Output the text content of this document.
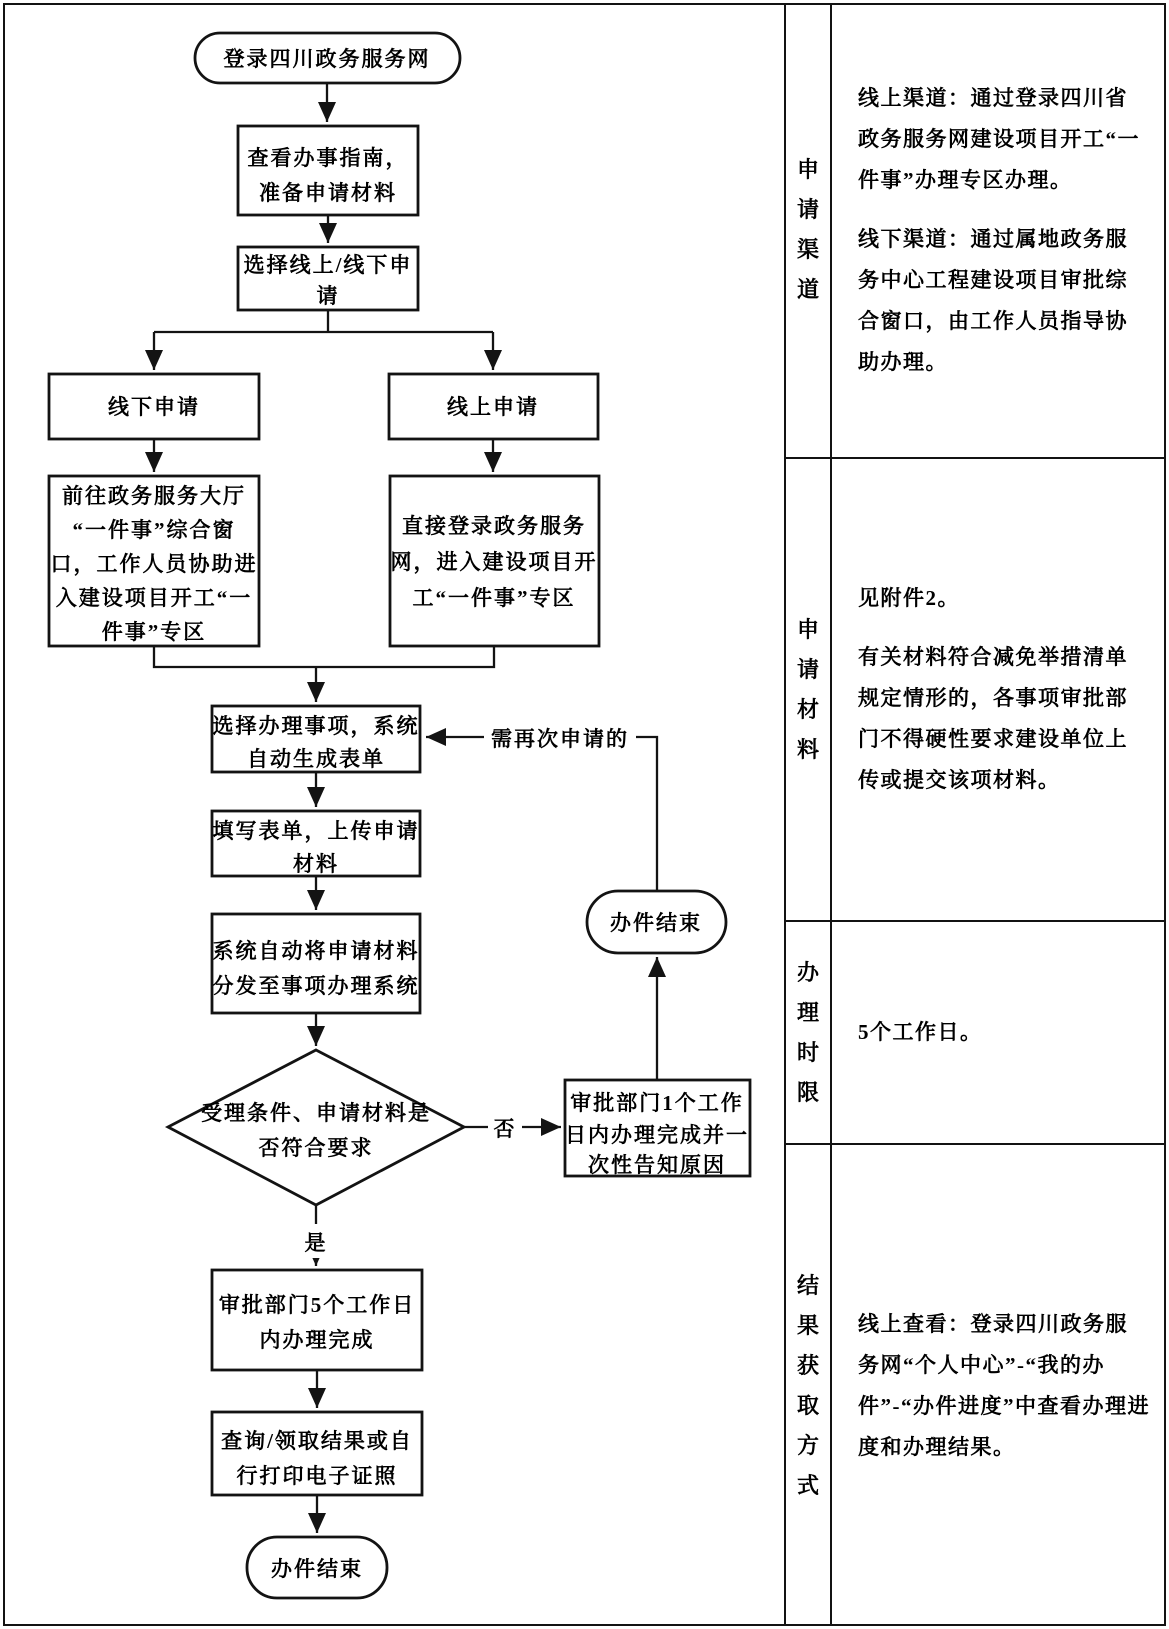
需再次申请的
否
是
登录四川政务服务网
查看办事指南，
准备申请材料
选择线上/线下申
请
线下申请	线上申请
前往政务服务大厅
“一件事”综合窗
口，工作人员协助进
入建设项目开工“一
件事”专区
直接登录政务服务
网，进入建设项目开
工“一件事”专区
选择办理事项，系统
自动生成表单
填写表单，上传申请
材料
系统自动将申请材料
分发至事项办理系统
受理条件、申请材料是
否符合要求
审批部门1个工作
日内办理完成并一
次性告知原因
办件结束
审批部门5个工作日
内办理完成
查询/领取结果或自
行打印电子证照
办件结束
申请渠道

线上渠道：通过登录四川省政务服务网建设项目开工“一件事”办理专区办理。

线下渠道：通过属地政务服务中心工程建设项目审批综合窗口，由工作人员指导协助办理。

申请材料

见附件2。

有关材料符合减免举措清单规定情形的，各事项审批部门不得硬性要求建设单位上传或提交该项材料。

办理时限

5个工作日。

结果获取方式

线上查看：登录四川政务服务网“个人中心”-“我的办件”-“办件进度”中查看办理进度和办理结果。
